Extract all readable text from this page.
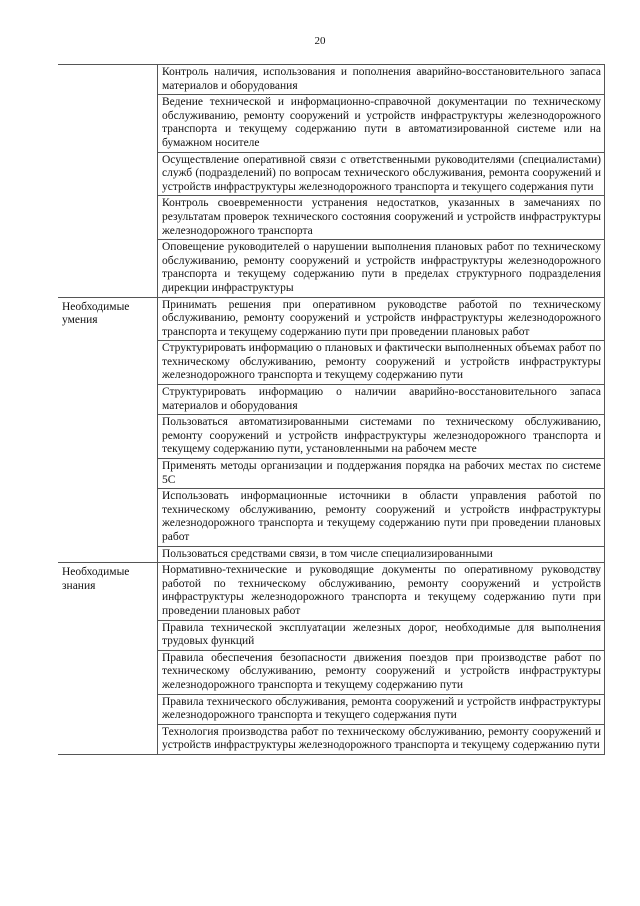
20
	Контроль наличия, использования и пополнения аварийно-восстановительного запаса материалов и оборудования
	Ведение технической и информационно-справочной документации по техническому обслуживанию, ремонту сооружений и устройств инфраструктуры железнодорожного транспорта и текущему содержанию пути в автоматизированной системе или на бумажном носителе
	Осуществление оперативной связи с ответственными руководителями (специалистами) служб (подразделений) по вопросам технического обслуживания, ремонта сооружений и устройств инфраструктуры железнодорожного транспорта и текущего содержания пути
	Контроль своевременности устранения недостатков, указанных в замечаниях по результатам проверок технического состояния сооружений и устройств инфраструктуры железнодорожного транспорта
	Оповещение руководителей о нарушении выполнения плановых работ по техническому обслуживанию, ремонту сооружений и устройств инфраструктуры железнодорожного транспорта и текущему содержанию пути в пределах структурного подразделения дирекции инфраструктуры
Необходимые умения	Принимать решения при оперативном руководстве работой по техническому обслуживанию, ремонту сооружений и устройств инфраструктуры железнодорожного транспорта и текущему содержанию пути при проведении плановых работ
	Структурировать информацию о плановых и фактически выполненных объемах работ по техническому обслуживанию, ремонту сооружений и устройств инфраструктуры железнодорожного транспорта и текущему содержанию пути
	Структурировать информацию о наличии аварийно-восстановительного запаса материалов и оборудования
	Пользоваться автоматизированными системами по техническому обслуживанию, ремонту сооружений и устройств инфраструктуры железнодорожного транспорта и текущему содержанию пути, установленными на рабочем месте
	Применять методы организации и поддержания порядка на рабочих местах по системе 5С
	Использовать информационные источники в области управления работой по техническому обслуживанию, ремонту сооружений и устройств инфраструктуры железнодорожного транспорта и текущему содержанию пути при проведении плановых работ
	Пользоваться средствами связи, в том числе специализированными
Необходимые знания	Нормативно-технические и руководящие документы по оперативному руководству работой по техническому обслуживанию, ремонту сооружений и устройств инфраструктуры железнодорожного транспорта и текущему содержанию пути при проведении плановых работ
	Правила технической эксплуатации железных дорог, необходимые для выполнения трудовых функций
	Правила обеспечения безопасности движения поездов при производстве работ по техническому обслуживанию, ремонту сооружений и устройств инфраструктуры железнодорожного транспорта и текущему содержанию пути
	Правила технического обслуживания, ремонта сооружений и устройств инфраструктуры железнодорожного транспорта и текущего содержания пути
	Технология производства работ по техническому обслуживанию, ремонту сооружений и устройств инфраструктуры железнодорожного транспорта и текущему содержанию пути
